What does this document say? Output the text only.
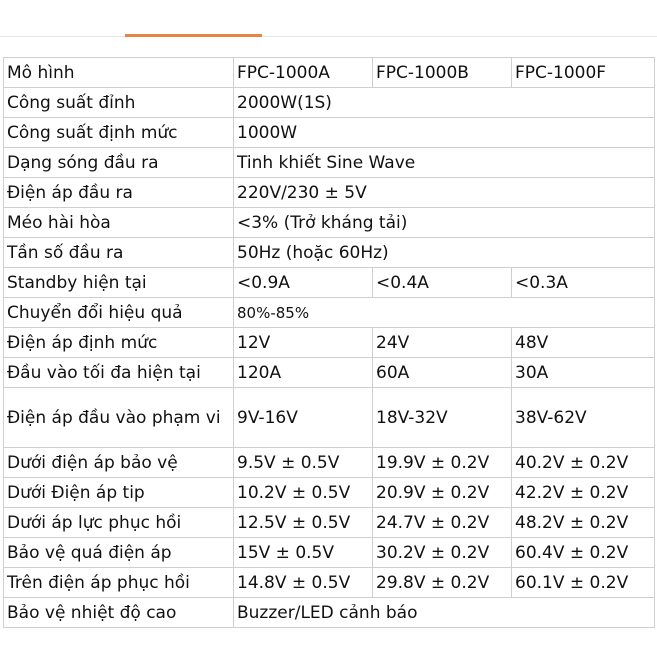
Mô hình	FPC-1000A	FPC-1000B	FPC-1000F
Công suất đỉnh	2000W(1S)		
Công suất định mức	1000W		
Dạng sóng đầu ra	Tinh khiết Sine Wave		
Điện áp đầu ra	220V/230 ± 5V		
Méo hài hòa	<3% (Trở kháng tải)		
Tần số đầu ra	50Hz (hoặc 60Hz)		
Standby hiện tại	<0.9A	<0.4A	<0.3A
Chuyển đổi hiệu quả	80%-85%		
Điện áp định mức	12V	24V	48V
Đầu vào tối đa hiện tại	120A	60A	30A
Điện áp đầu vào phạm vi	9V-16V	18V-32V	38V-62V
Dưới điện áp bảo vệ	9.5V ± 0.5V	19.9V ± 0.2V	40.2V ± 0.2V
Dưới Điện áp tip	10.2V ± 0.5V	20.9V ± 0.2V	42.2V ± 0.2V
Dưới áp lực phục hồi	12.5V ± 0.5V	24.7V ± 0.2V	48.2V ± 0.2V
Bảo vệ quá điện áp	15V ± 0.5V	30.2V ± 0.2V	60.4V ± 0.2V
Trên điện áp phục hồi	14.8V ± 0.5V	29.8V ± 0.2V	60.1V ± 0.2V
Bảo vệ nhiệt độ cao	Buzzer/LED cảnh báo		
